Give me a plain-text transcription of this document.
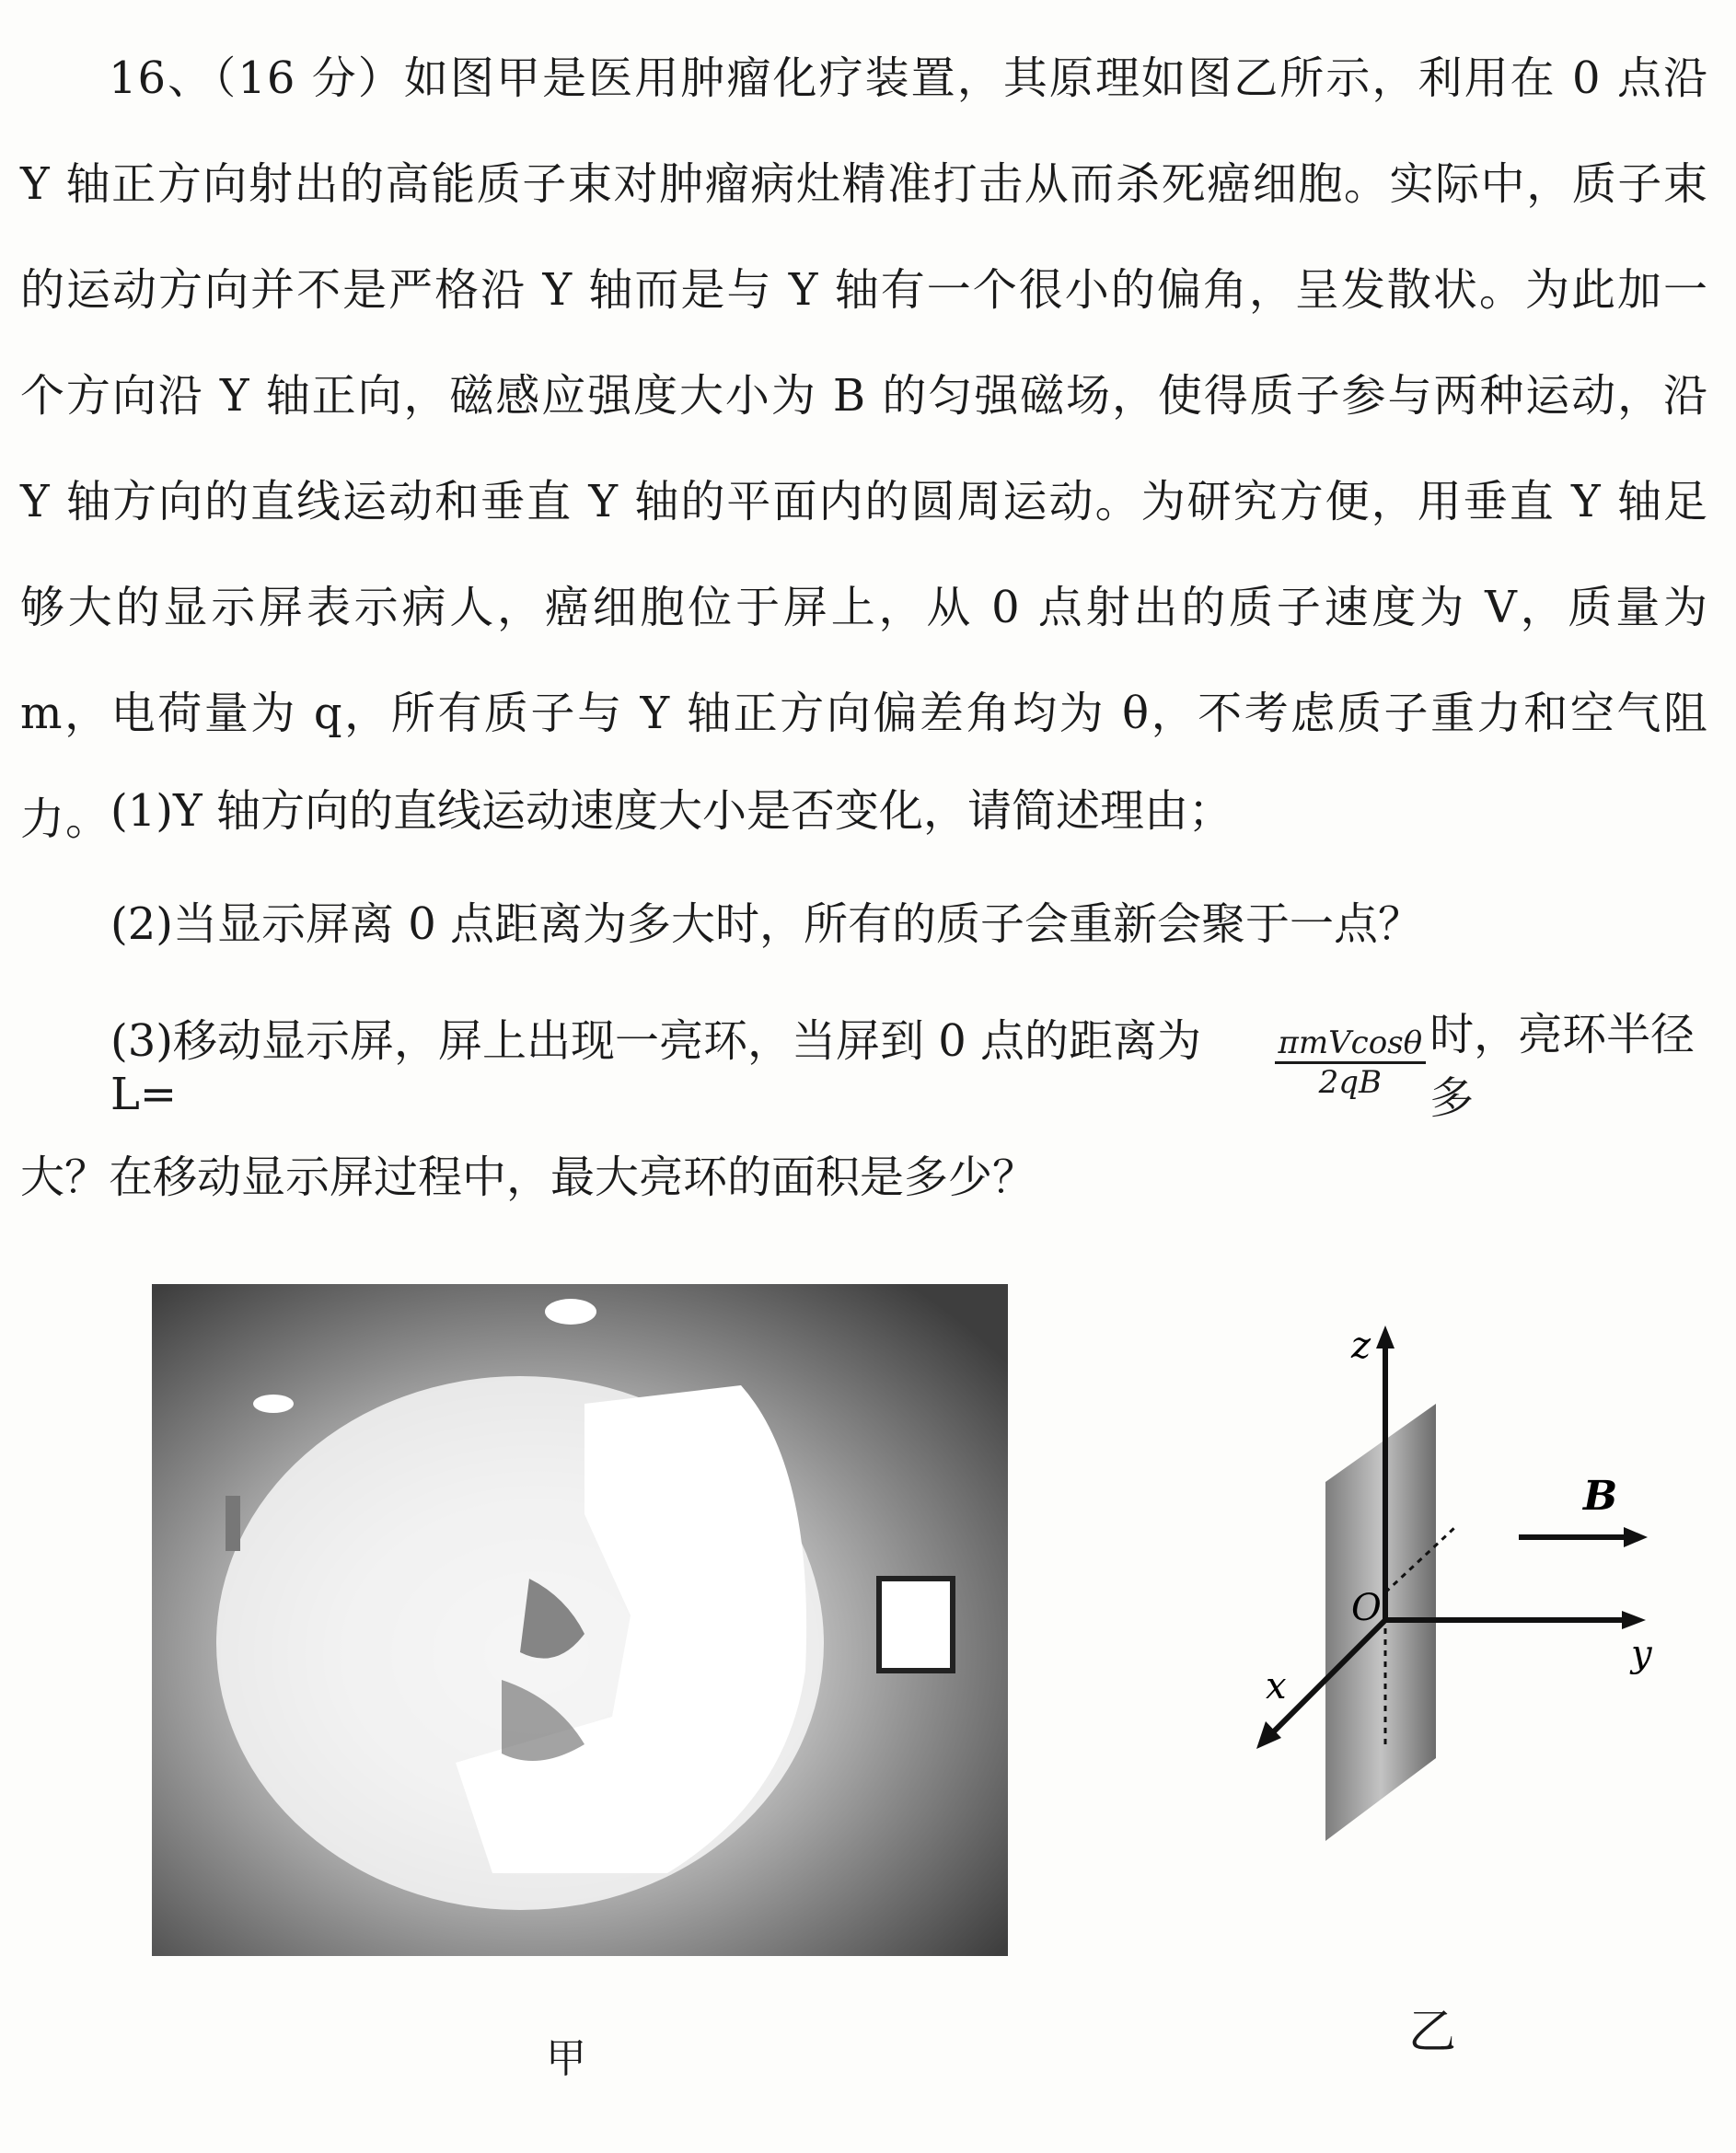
16、（16 分）如图甲是医用肿瘤化疗装置，其原理如图乙所示，利用在 0 点沿 Y 轴正方向射出的高能质子束对肿瘤病灶精准打击从而杀死癌细胞。实际中，质子束的运动方向并不是严格沿 Y 轴而是与 Y 轴有一个很小的偏角，呈发散状。为此加一个方向沿 Y 轴正向，磁感应强度大小为 B 的匀强磁场，使得质子参与两种运动，沿 Y 轴方向的直线运动和垂直 Y 轴的平面内的圆周运动。为研究方便，用垂直 Y 轴足够大的显示屏表示病人，癌细胞位于屏上，从 0 点射出的质子速度为 V，质量为 m，电荷量为 q，所有质子与 Y 轴正方向偏差角均为 θ，不考虑质子重力和空气阻力。 (1)Y 轴方向的直线运动速度大小是否变化，请简述理由；
(2)当显示屏离 0 点距离为多大时，所有的质子会重新会聚于一点？
(3)移动显示屏，屏上出现一亮环，当屏到 0 点的距离为 L=	$\frac{\text{πmVcosθ}}{2qB}$ 时，亮环半径多
大？在移动显示屏过程中，最大亮环的面积是多少？
甲
z
y
x
O
B
乙
